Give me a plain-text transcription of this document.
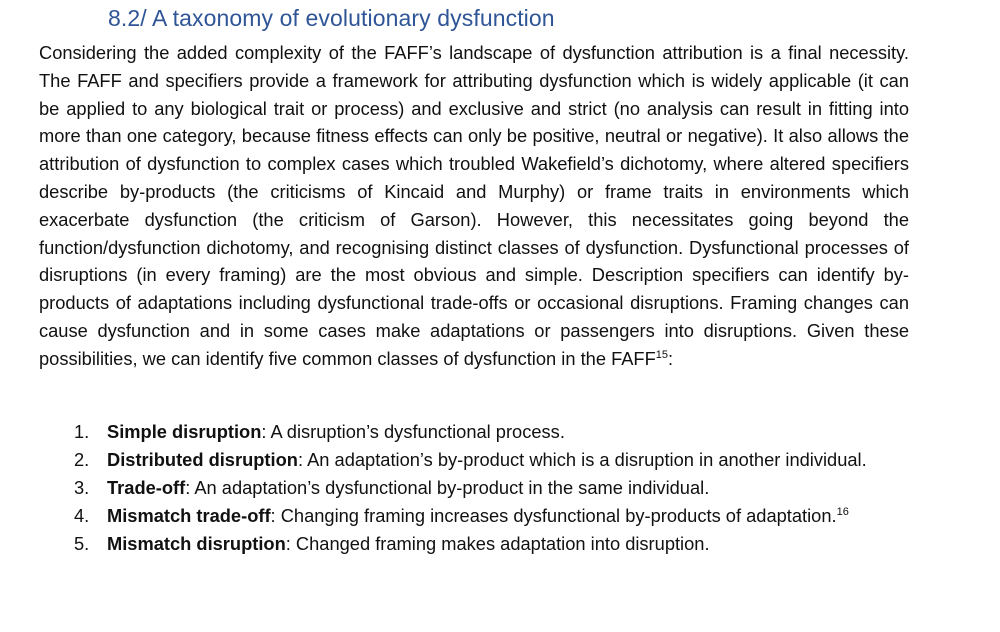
8.2/ A taxonomy of evolutionary dysfunction

Considering the added complexity of the FAFF’s landscape of dysfunction attribution is a final necessity. The FAFF and specifiers provide a framework for attributing dysfunction which is widely applicable (it can be applied to any biological trait or process) and exclusive and strict (no analysis can result in fitting into more than one category, because fitness effects can only be positive, neutral or negative). It also allows the attribution of dysfunction to complex cases which troubled Wakefield’s dichotomy, where altered specifiers describe by-products (the criticisms of Kincaid and Murphy) or frame traits in environments which exacerbate dysfunction (the criticism of Garson). However, this necessitates going beyond the function/dysfunction dichotomy, and recognising distinct classes of dysfunction. Dysfunctional processes of disruptions (in every framing) are the most obvious and simple. Description specifiers can identify by-products of adaptations including dysfunctional trade-offs or occasional disruptions. Framing changes can cause dysfunction and in some cases make adaptations or passengers into disruptions. Given these possibilities, we can identify five common classes of dysfunction in the FAFF$^{15}$:

1. Simple disruption: A disruption’s dysfunctional process.
2. Distributed disruption: An adaptation’s by-product which is a disruption in another individual.
3. Trade-off: An adaptation’s dysfunctional by-product in the same individual.
4. Mismatch trade-off: Changing framing increases dysfunctional by-products of adaptation.$^{16}$
5. Mismatch disruption: Changed framing makes adaptation into disruption.
